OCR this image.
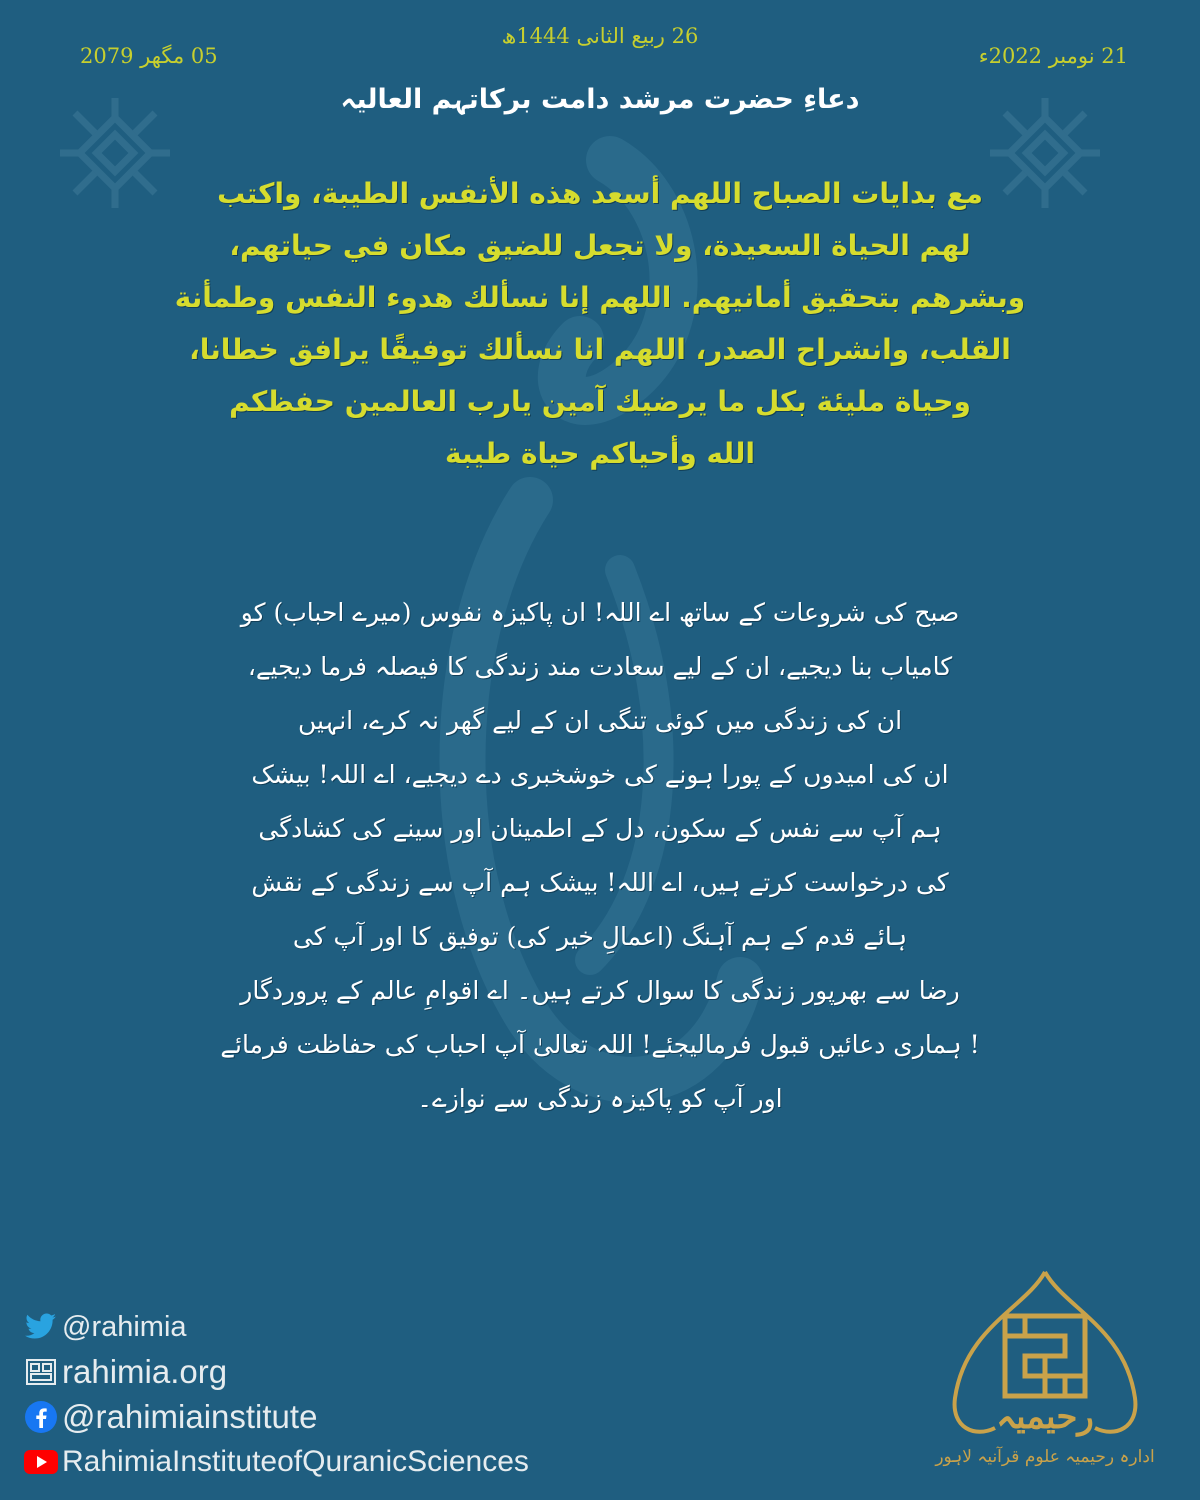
26 ربیع الثانی 1444ھ
21 نومبر 2022ء
05 مگھر 2079
دعاءِ حضرت مرشد دامت برکاتہم العالیہ
مع بدايات الصباح اللهم أسعد هذه الأنفس الطيبة، واكتب
لهم الحياة السعيدة، ولا تجعل للضيق مكان في حياتهم،
وبشرهم بتحقيق أمانيهم. اللهم إنا نسألك هدوء النفس وطمأنة
القلب، وانشراح الصدر، اللهم انا نسألك توفيقًا يرافق خطانا،
وحياة مليئة بكل ما يرضيك آمين يارب العالمين حفظكم
الله وأحياكم حياة طيبة
صبح کی شروعات کے ساتھ اے اللہ! ان پاکیزہ نفوس (میرے احباب) کو
کامیاب بنا دیجیے، ان کے لیے سعادت مند زندگی کا فیصلہ فرما دیجیے،
ان کی زندگی میں کوئی تنگی ان کے لیے گھر نہ کرے، انہیں
ان کی امیدوں کے پورا ہونے کی خوشخبری دے دیجیے، اے اللہ! بیشک
ہم آپ سے نفس کے سکون، دل کے اطمینان اور سینے کی کشادگی
کی درخواست کرتے ہیں، اے اللہ! بیشک ہم آپ سے زندگی کے نقش
ہائے قدم کے ہم آہنگ (اعمالِ خیر کی) توفیق کا اور آپ کی
رضا سے بھرپور زندگی کا سوال کرتے ہیں۔ اے اقوامِ عالم کے پروردگار
! ہماری دعائیں قبول فرمالیجئے! اللہ تعالیٰ آپ احباب کی حفاظت فرمائے
اور آپ کو پاکیزہ زندگی سے نوازے۔
@rahimia
rahimia.org
@rahimiainstitute
RahimiaInstituteofQuranicSciences
رحیمیہ
ادارہ رحیمیہ علوم قرآنیہ لاہور
